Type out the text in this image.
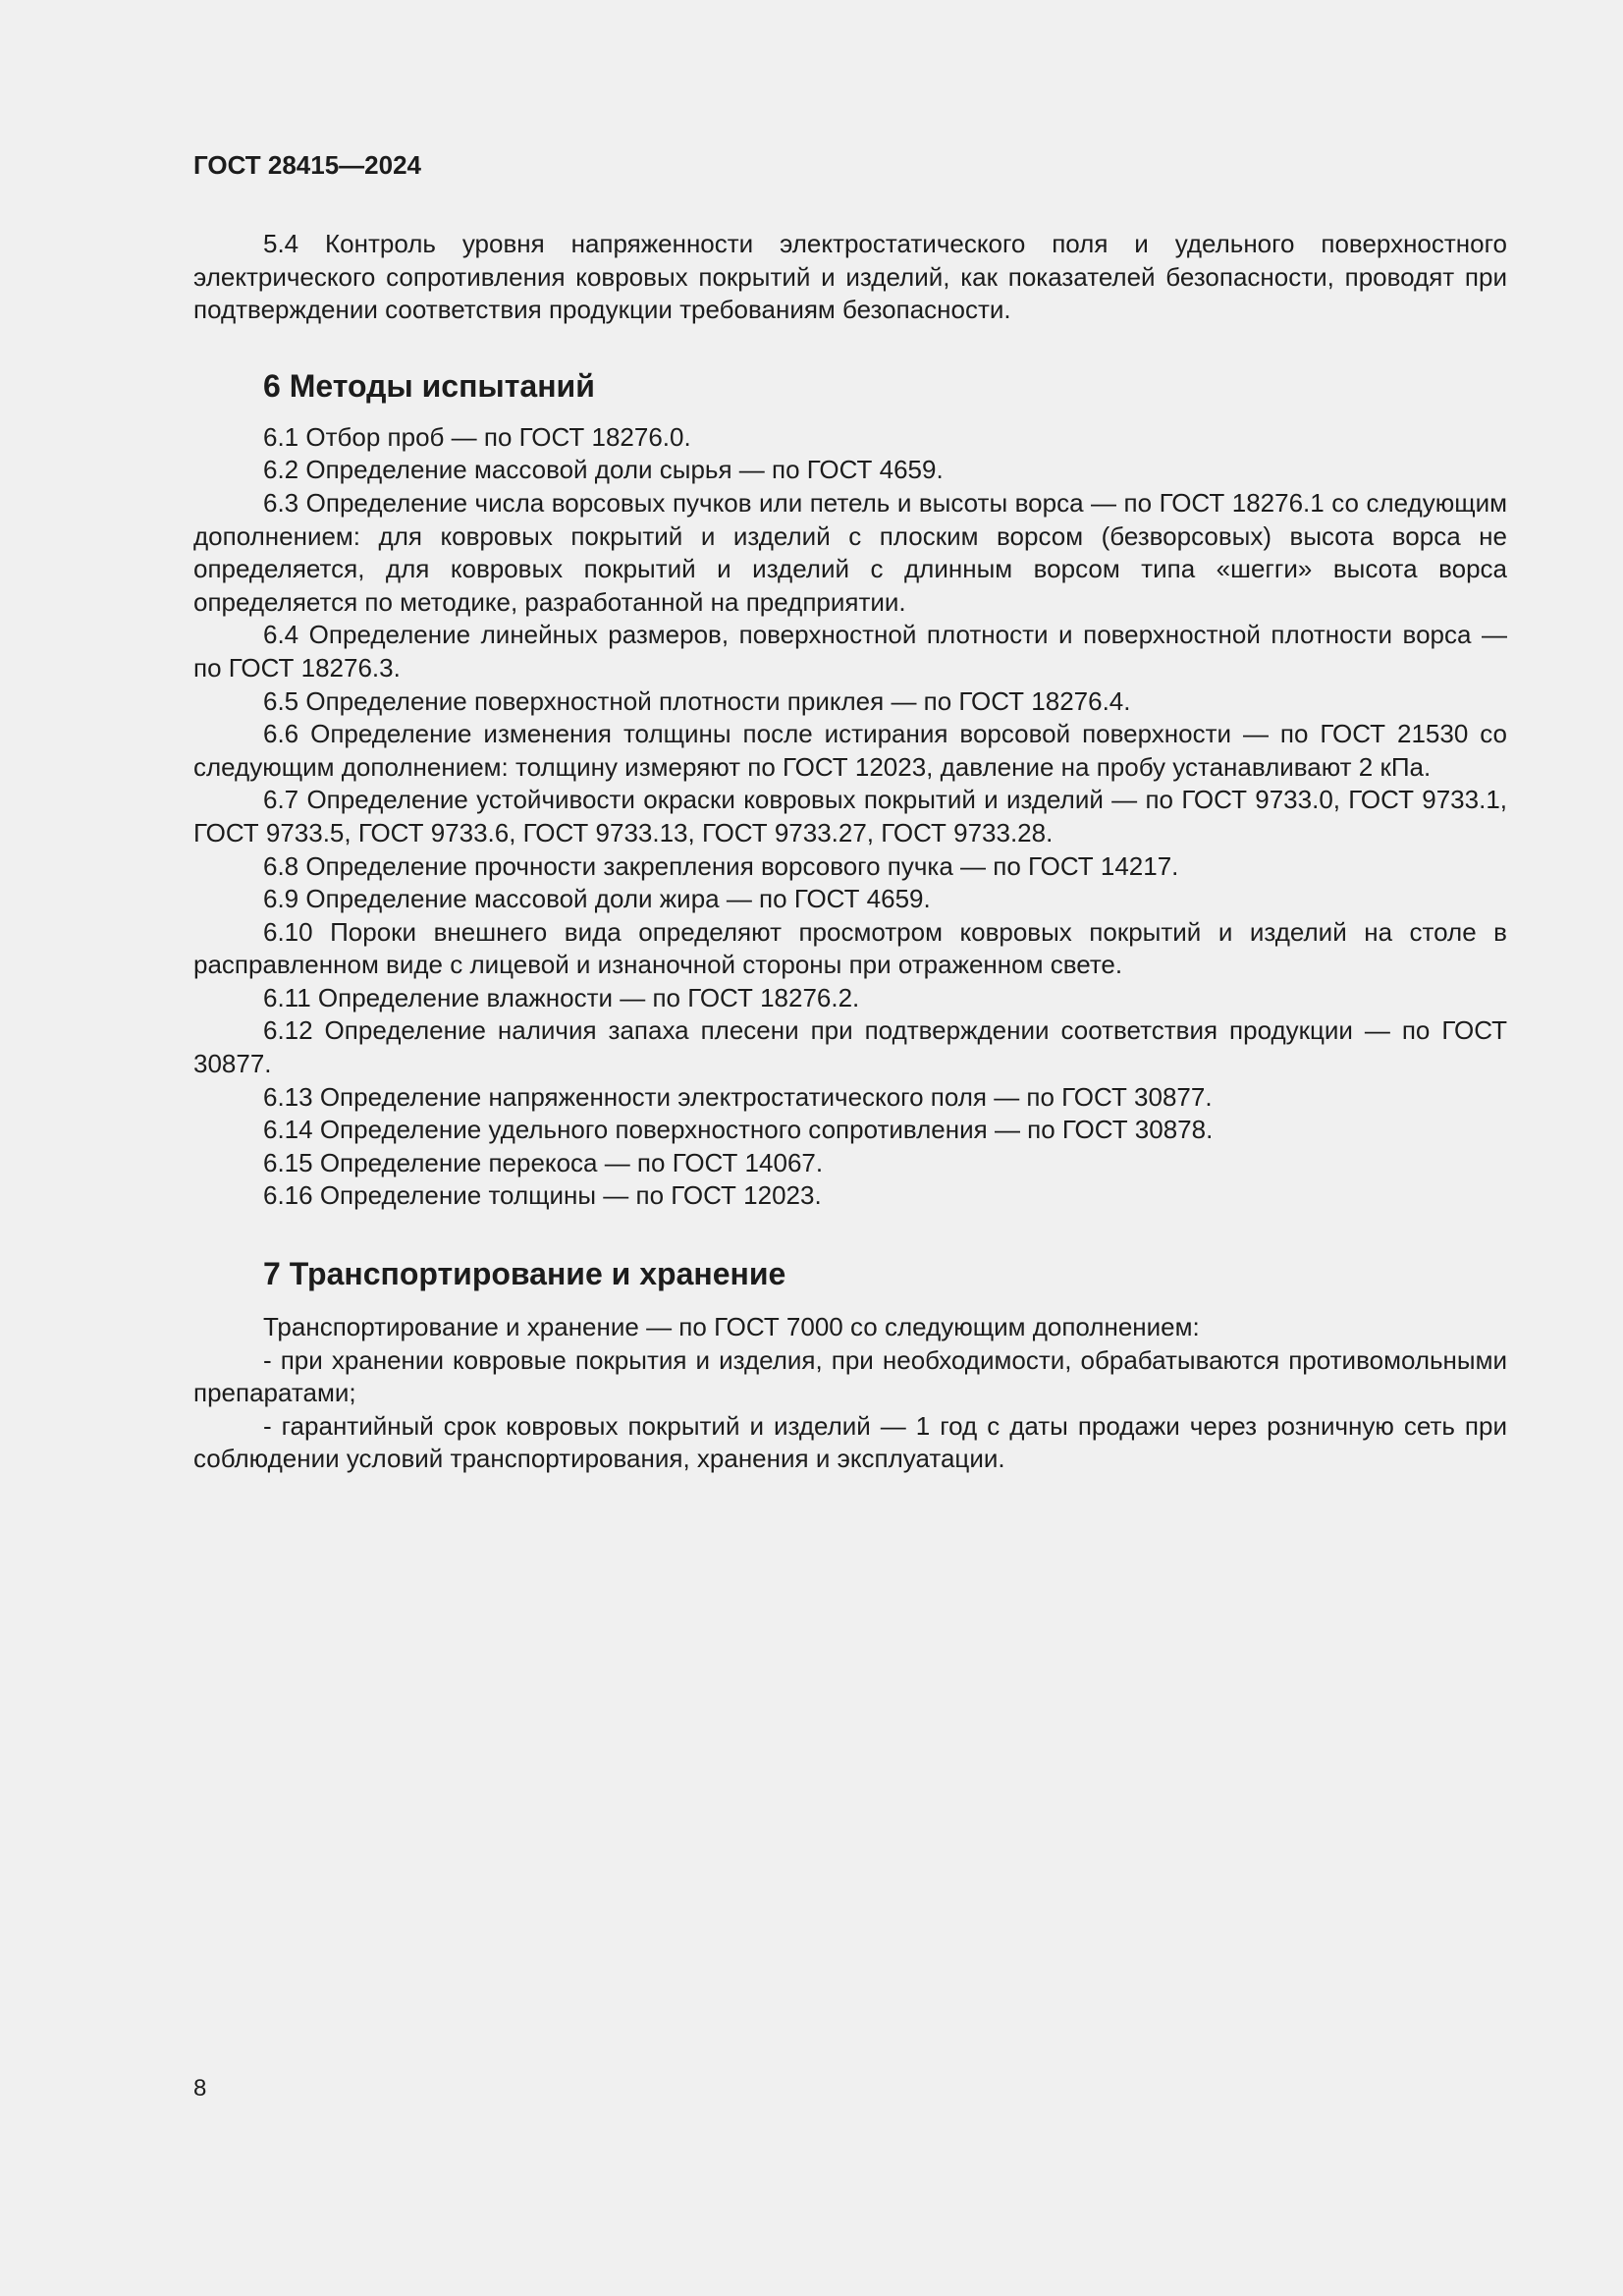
ГОСТ 28415—2024

5.4 Контроль уровня напряженности электростатического поля и удельного поверхностного электрического сопротивления ковровых покрытий и изделий, как показателей безопасности, проводят при подтверждении соответствия продукции требованиям безопасности.

6 Методы испытаний

6.1 Отбор проб — по ГОСТ 18276.0.

6.2 Определение массовой доли сырья — по ГОСТ 4659.

6.3 Определение числа ворсовых пучков или петель и высоты ворса — по ГОСТ 18276.1 со следующим дополнением: для ковровых покрытий и изделий с плоским ворсом (безворсовых) высота ворса не определяется, для ковровых покрытий и изделий с длинным ворсом типа «шегги» высота ворса определяется по методике, разработанной на предприятии.

6.4 Определение линейных размеров, поверхностной плотности и поверхностной плотности ворса — по ГОСТ 18276.3.

6.5 Определение поверхностной плотности приклея — по ГОСТ 18276.4.

6.6 Определение изменения толщины после истирания ворсовой поверхности — по ГОСТ 21530 со следующим дополнением: толщину измеряют по ГОСТ 12023, давление на пробу устанавливают 2 кПа.

6.7 Определение устойчивости окраски ковровых покрытий и изделий — по ГОСТ 9733.0, ГОСТ 9733.1, ГОСТ 9733.5, ГОСТ 9733.6, ГОСТ 9733.13, ГОСТ 9733.27, ГОСТ 9733.28.

6.8 Определение прочности закрепления ворсового пучка — по ГОСТ 14217.

6.9 Определение массовой доли жира — по ГОСТ 4659.

6.10 Пороки внешнего вида определяют просмотром ковровых покрытий и изделий на столе в расправленном виде с лицевой и изнаночной стороны при отраженном свете.

6.11 Определение влажности — по ГОСТ 18276.2.

6.12 Определение наличия запаха плесени при подтверждении соответствия продукции — по ГОСТ 30877.

6.13 Определение напряженности электростатического поля — по ГОСТ 30877.

6.14 Определение удельного поверхностного сопротивления — по ГОСТ 30878.

6.15 Определение перекоса — по ГОСТ 14067.

6.16 Определение толщины — по ГОСТ 12023.

7 Транспортирование и хранение

Транспортирование и хранение — по ГОСТ 7000 со следующим дополнением:

- при хранении ковровые покрытия и изделия, при необходимости, обрабатываются противомольными препаратами;

- гарантийный срок ковровых покрытий и изделий — 1 год с даты продажи через розничную сеть при соблюдении условий транспортирования, хранения и эксплуатации.

8
